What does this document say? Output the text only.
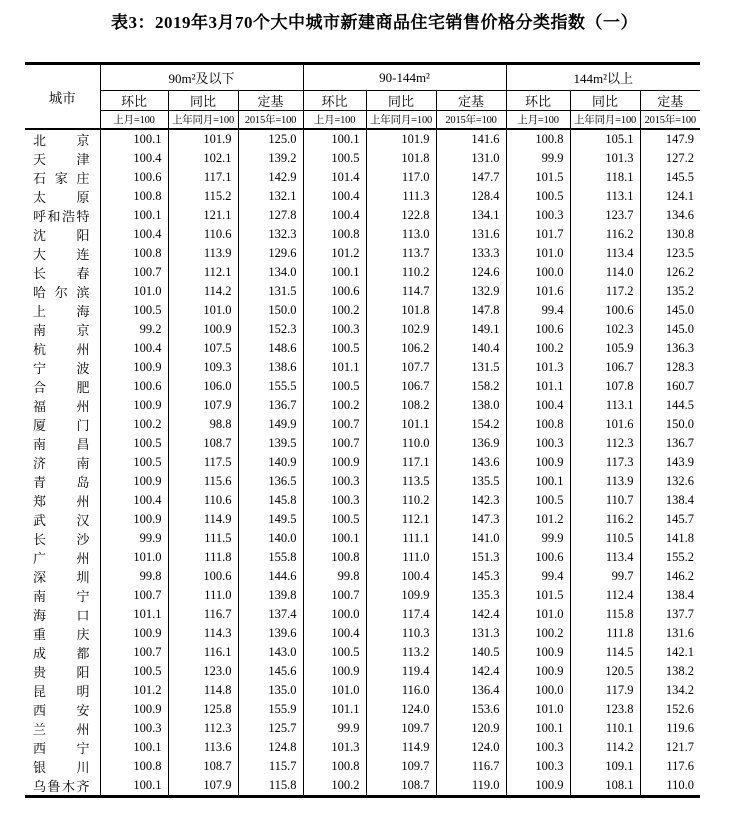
表3：2019年3月70个大中城市新建商品住宅销售价格分类指数（一）
城市	90m²及以下			90-144m²			144m²以上		
	环比	同比	定基	环比	同比	定基	环比	同比	定基
	上月=100	上年同月=100	2015年=100	上月=100	上年同月=100	2015年=100	上月=100	上年同月=100	2015年=100
北京	100.1	101.9	125.0	100.1	101.9	141.6	100.8	105.1	147.9
天津	100.4	102.1	139.2	100.5	101.8	131.0	99.9	101.3	127.2
石家庄	100.6	117.1	142.9	101.4	117.0	147.7	101.5	118.1	145.5
太原	100.8	115.2	132.1	100.4	111.3	128.4	100.5	113.1	124.1
呼和浩特	100.1	121.1	127.8	100.4	122.8	134.1	100.3	123.7	134.6
沈阳	100.4	110.6	132.3	100.8	113.0	131.6	101.7	116.2	130.8
大连	100.8	113.9	129.6	101.2	113.7	133.3	101.0	113.4	123.5
长春	100.7	112.1	134.0	100.1	110.2	124.6	100.0	114.0	126.2
哈尔滨	101.0	114.2	131.5	100.6	114.7	132.9	101.6	117.2	135.2
上海	100.5	101.0	150.0	100.2	101.8	147.8	99.4	100.6	145.0
南京	99.2	100.9	152.3	100.3	102.9	149.1	100.6	102.3	145.0
杭州	100.4	107.5	148.6	100.5	106.2	140.4	100.2	105.9	136.3
宁波	100.9	109.3	138.6	101.1	107.7	131.5	101.3	106.7	128.3
合肥	100.6	106.0	155.5	100.5	106.7	158.2	101.1	107.8	160.7
福州	100.9	107.9	136.7	100.2	108.2	138.0	100.4	113.1	144.5
厦门	100.2	98.8	149.9	100.7	101.1	154.2	100.8	101.6	150.0
南昌	100.5	108.7	139.5	100.7	110.0	136.9	100.3	112.3	136.7
济南	100.5	117.5	140.9	100.9	117.1	143.6	100.9	117.3	143.9
青岛	100.9	115.6	136.5	100.3	113.5	135.5	100.1	113.9	132.6
郑州	100.4	110.6	145.8	100.3	110.2	142.3	100.5	110.7	138.4
武汉	100.9	114.9	149.5	100.5	112.1	147.3	101.2	116.2	145.7
长沙	99.9	111.5	140.0	100.1	111.1	141.0	99.9	110.5	141.8
广州	101.0	111.8	155.8	100.8	111.0	151.3	100.6	113.4	155.2
深圳	99.8	100.6	144.6	99.8	100.4	145.3	99.4	99.7	146.2
南宁	100.7	111.0	139.8	100.7	109.9	135.3	101.5	112.4	138.4
海口	101.1	116.7	137.4	100.0	117.4	142.4	101.0	115.8	137.7
重庆	100.9	114.3	139.6	100.4	110.3	131.3	100.2	111.8	131.6
成都	100.7	116.1	143.0	100.5	113.2	140.5	100.9	114.5	142.1
贵阳	100.5	123.0	145.6	100.9	119.4	142.4	100.9	120.5	138.2
昆明	101.2	114.8	135.0	101.0	116.0	136.4	100.0	117.9	134.2
西安	100.9	125.8	155.9	101.1	124.0	153.6	101.0	123.8	152.6
兰州	100.3	112.3	125.7	99.9	109.7	120.9	100.1	110.1	119.6
西宁	100.1	113.6	124.8	101.3	114.9	124.0	100.3	114.2	121.7
银川	100.8	108.7	115.7	100.8	109.7	116.7	100.3	109.1	117.6
乌鲁木齐	100.1	107.9	115.8	100.2	108.7	119.0	100.9	108.1	110.0
